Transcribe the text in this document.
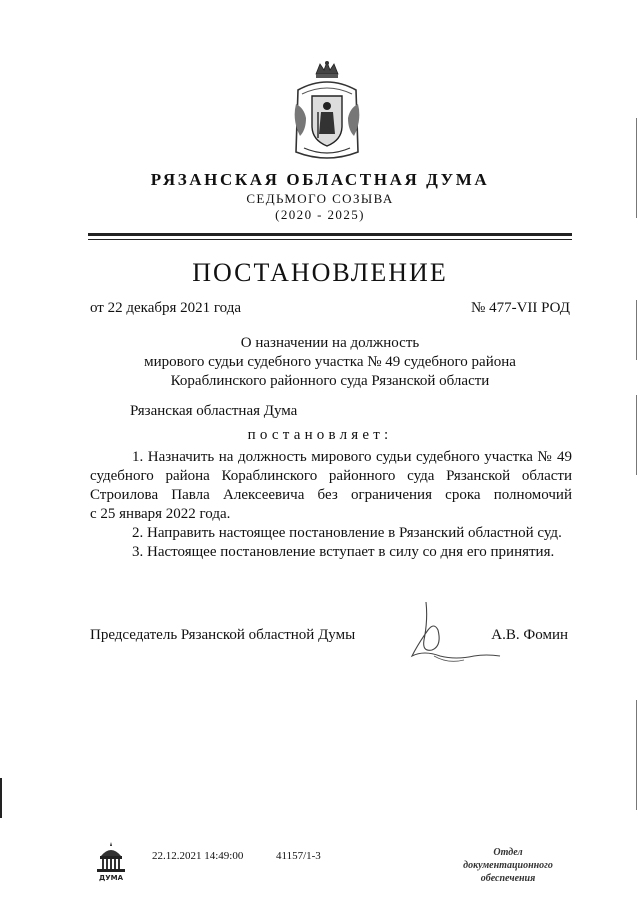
РЯЗАНСКАЯ ОБЛАСТНАЯ ДУМА
СЕДЬМОГО СОЗЫВА
(2020 - 2025)
ПОСТАНОВЛЕНИЕ
от 22 декабря 2021 года	№ 477-VII РОД
О назначении на должность
мирового судьи судебного участка № 49 судебного района
Кораблинского районного суда Рязанской области
Рязанская областная Дума
постановляет:
1. Назначить на должность мирового судьи судебного участка № 49
судебного района Кораблинского районного суда Рязанской области
Строилова Павла Алексеевича без ограничения срока полномочий
с 25 января 2022 года.
2. Направить настоящее постановление в Рязанский областной суд.
3. Настоящее постановление вступает в силу со дня его принятия.
Председатель Рязанской областной Думы	А.В. Фомин
ДУМА
22.12.2021 14:49:00	41157/1-3	Отдел документационного обеспечения
